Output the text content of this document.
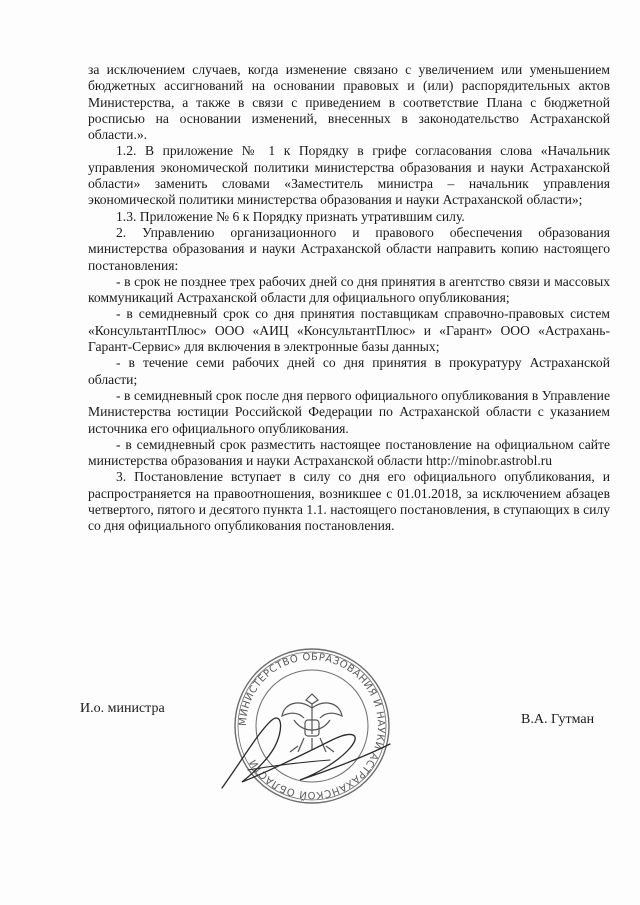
за исключением случаев, когда изменение связано с увеличением или уменьшением бюджетных ассигнований на основании правовых и (или) распорядительных актов Министерства, а также в связи с приведением в соответствие Плана с бюджетной росписью на основании изменений, внесенных в законодательство Астраханской области.».

1.2. В приложение № 1 к Порядку в грифе согласования слова «Начальник управления экономической политики министерства образования и науки Астраханской области» заменить словами «Заместитель министра – начальник управления экономической политики министерства образования и науки Астраханской области»;

1.3. Приложение № 6 к Порядку признать утратившим силу.

2. Управлению организационного и правового обеспечения образования министерства образования и науки Астраханской области направить копию настоящего постановления:

- в срок не позднее трех рабочих дней со дня принятия в агентство связи и массовых коммуникаций Астраханской области для официального опубликования;

- в семидневный срок со дня принятия поставщикам справочно-правовых систем «КонсультантПлюс» ООО «АИЦ «КонсультантПлюс» и «Гарант» ООО «Астрахань-Гарант-Сервис» для включения в электронные базы данных;

- в течение семи рабочих дней со дня принятия в прокуратуру Астраханской области;

- в семидневный срок после дня первого официального опубликования в Управление Министерства юстиции Российской Федерации по Астраханской области с указанием источника его официального опубликования.

- в семидневный срок разместить настоящее постановление на официальном сайте министерства образования и науки Астраханской области http://minobr.astrobl.ru

3. Постановление вступает в силу со дня его официального опубликования, и распространяется на правоотношения, возникшее с 01.01.2018, за исключением абзацев четвертого, пятого и десятого пункта 1.1. настоящего постановления, в ступающих в силу со дня официального опубликования постановления.

И.о. министра
В.А. Гутман
МИНИСТЕРСТВО ОБРАЗОВАНИЯ И НАУКИ АСТРАХАНСКОЙ ОБЛАСТИ
